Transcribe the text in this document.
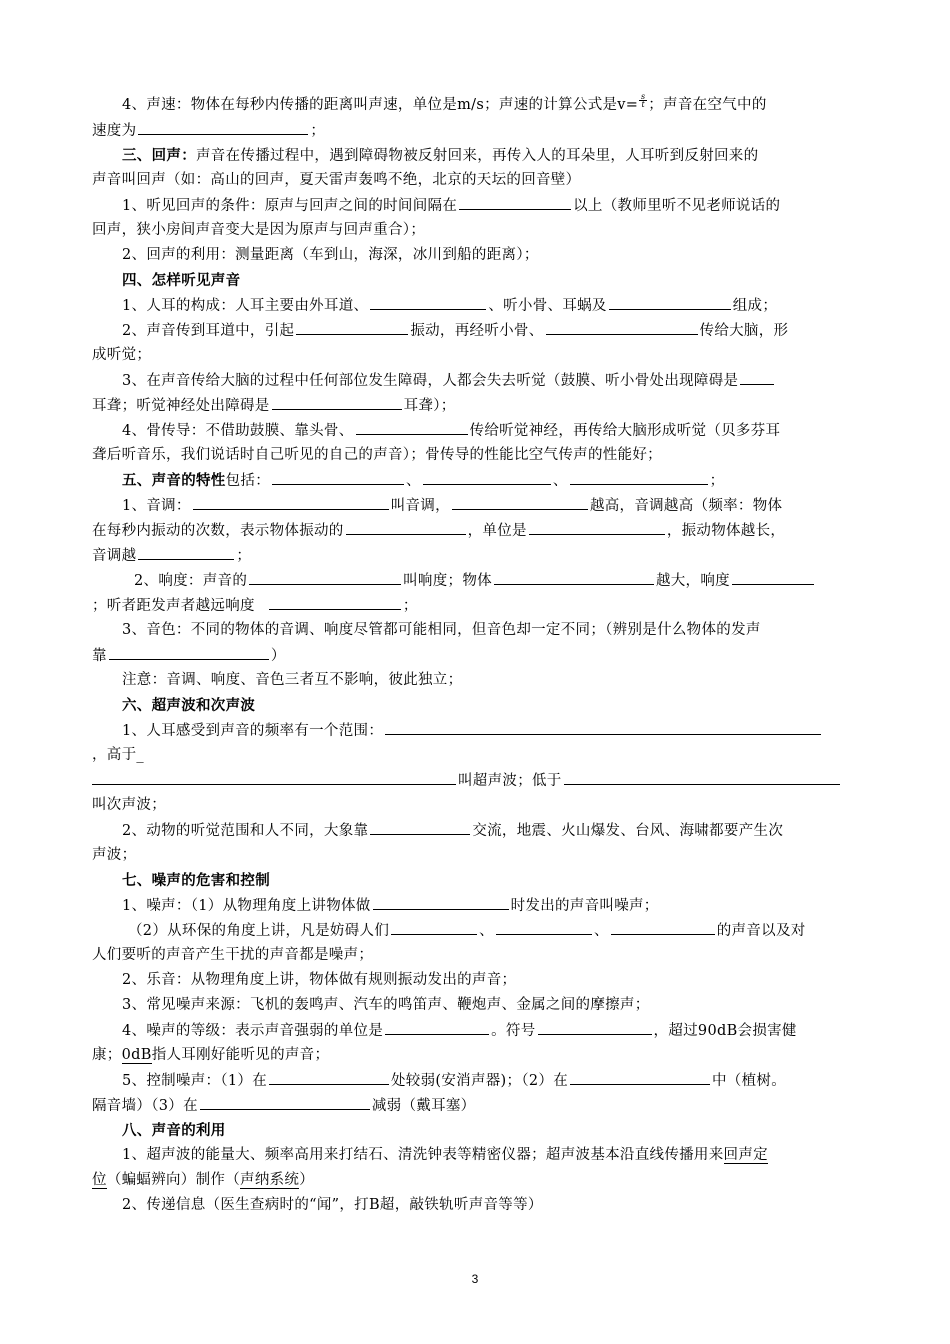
4、声速：物体在每秒内传播的距离叫声速，单位是m/s；声速的计算公式是$v= \frac{s}{t}$ ；声音在空气中的
速度为	；
三、回声：声音在传播过程中，遇到障碍物被反射回来，再传入人的耳朵里，人耳听到反射回来的
声音叫回声（如：高山的回声，夏天雷声轰鸣不绝，北京的天坛的回音壁）
1、听见回声的条件：原声与回声之间的时间间隔在	以上（教师里听不见老师说话的
回声，狭小房间声音变大是因为原声与回声重合）；
2、回声的利用：测量距离（车到山，海深，冰川到船的距离）；
四、怎样听见声音
1、人耳的构成：人耳主要由外耳道、	、听小骨、耳蜗及	组成；
2、声音传到耳道中，引起	振动，再经听小骨、	传给大脑，形
成听觉；
3、在声音传给大脑的过程中任何部位发生障碍，人都会失去听觉（鼓膜、听小骨处出现障碍是
耳聋；听觉神经处出障碍是	耳聋）；
4、骨传导：不借助鼓膜、靠头骨、	传给听觉神经，再传给大脑形成听觉（贝多芬耳
聋后听音乐，我们说话时自己听见的自己的声音）；骨传导的性能比空气传声的性能好；
五、声音的特性包括：	、	、	；
1、音调：	叫音调，	越高，音调越高（频率：物体
在每秒内振动的次数，表示物体振动的	，单位是	，振动物体越长，
音调越	；
2、响度：声音的	叫响度；物体	越大，响度
；听者距发声者越远响度	；
3、音色：不同的物体的音调、响度尽管都可能相同，但音色却一定不同；（辨别是什么物体的发声
靠	）
注意：音调、响度、音色三者互不影响，彼此独立；
六、超声波和次声波
1、人耳感受到声音的频率有一个范围：
，高于_
叫超声波；低于
叫次声波；
2、动物的听觉范围和人不同，大象靠	交流，地震、火山爆发、台风、海啸都要产生次
声波；
七、噪声的危害和控制
1、噪声：（1）从物理角度上讲物体做	时发出的声音叫噪声；
（2）从环保的角度上讲，凡是妨碍人们	、	、	的声音以及对
人们要听的声音产生干扰的声音都是噪声；
2、乐音：从物理角度上讲，物体做有规则振动发出的声音；
3、常见噪声来源：飞机的轰鸣声、汽车的鸣笛声、鞭炮声、金属之间的摩擦声；
4、噪声的等级：表示声音强弱的单位是	。符号	，超过90dB会损害健
康；0dB指人耳刚好能听见的声音；
5、控制噪声：（1）在	处较弱(安消声器)；（2）在	中（植树。
隔音墙）（3）在	减弱（戴耳塞）
八、声音的利用
1、超声波的能量大、频率高用来打结石、清洗钟表等精密仪器；超声波基本沿直线传播用来回声定
位（蝙蝠辨向）制作（声纳系统）
2、传递信息（医生查病时的“闻”，打B超，敲铁轨听声音等等）
3
